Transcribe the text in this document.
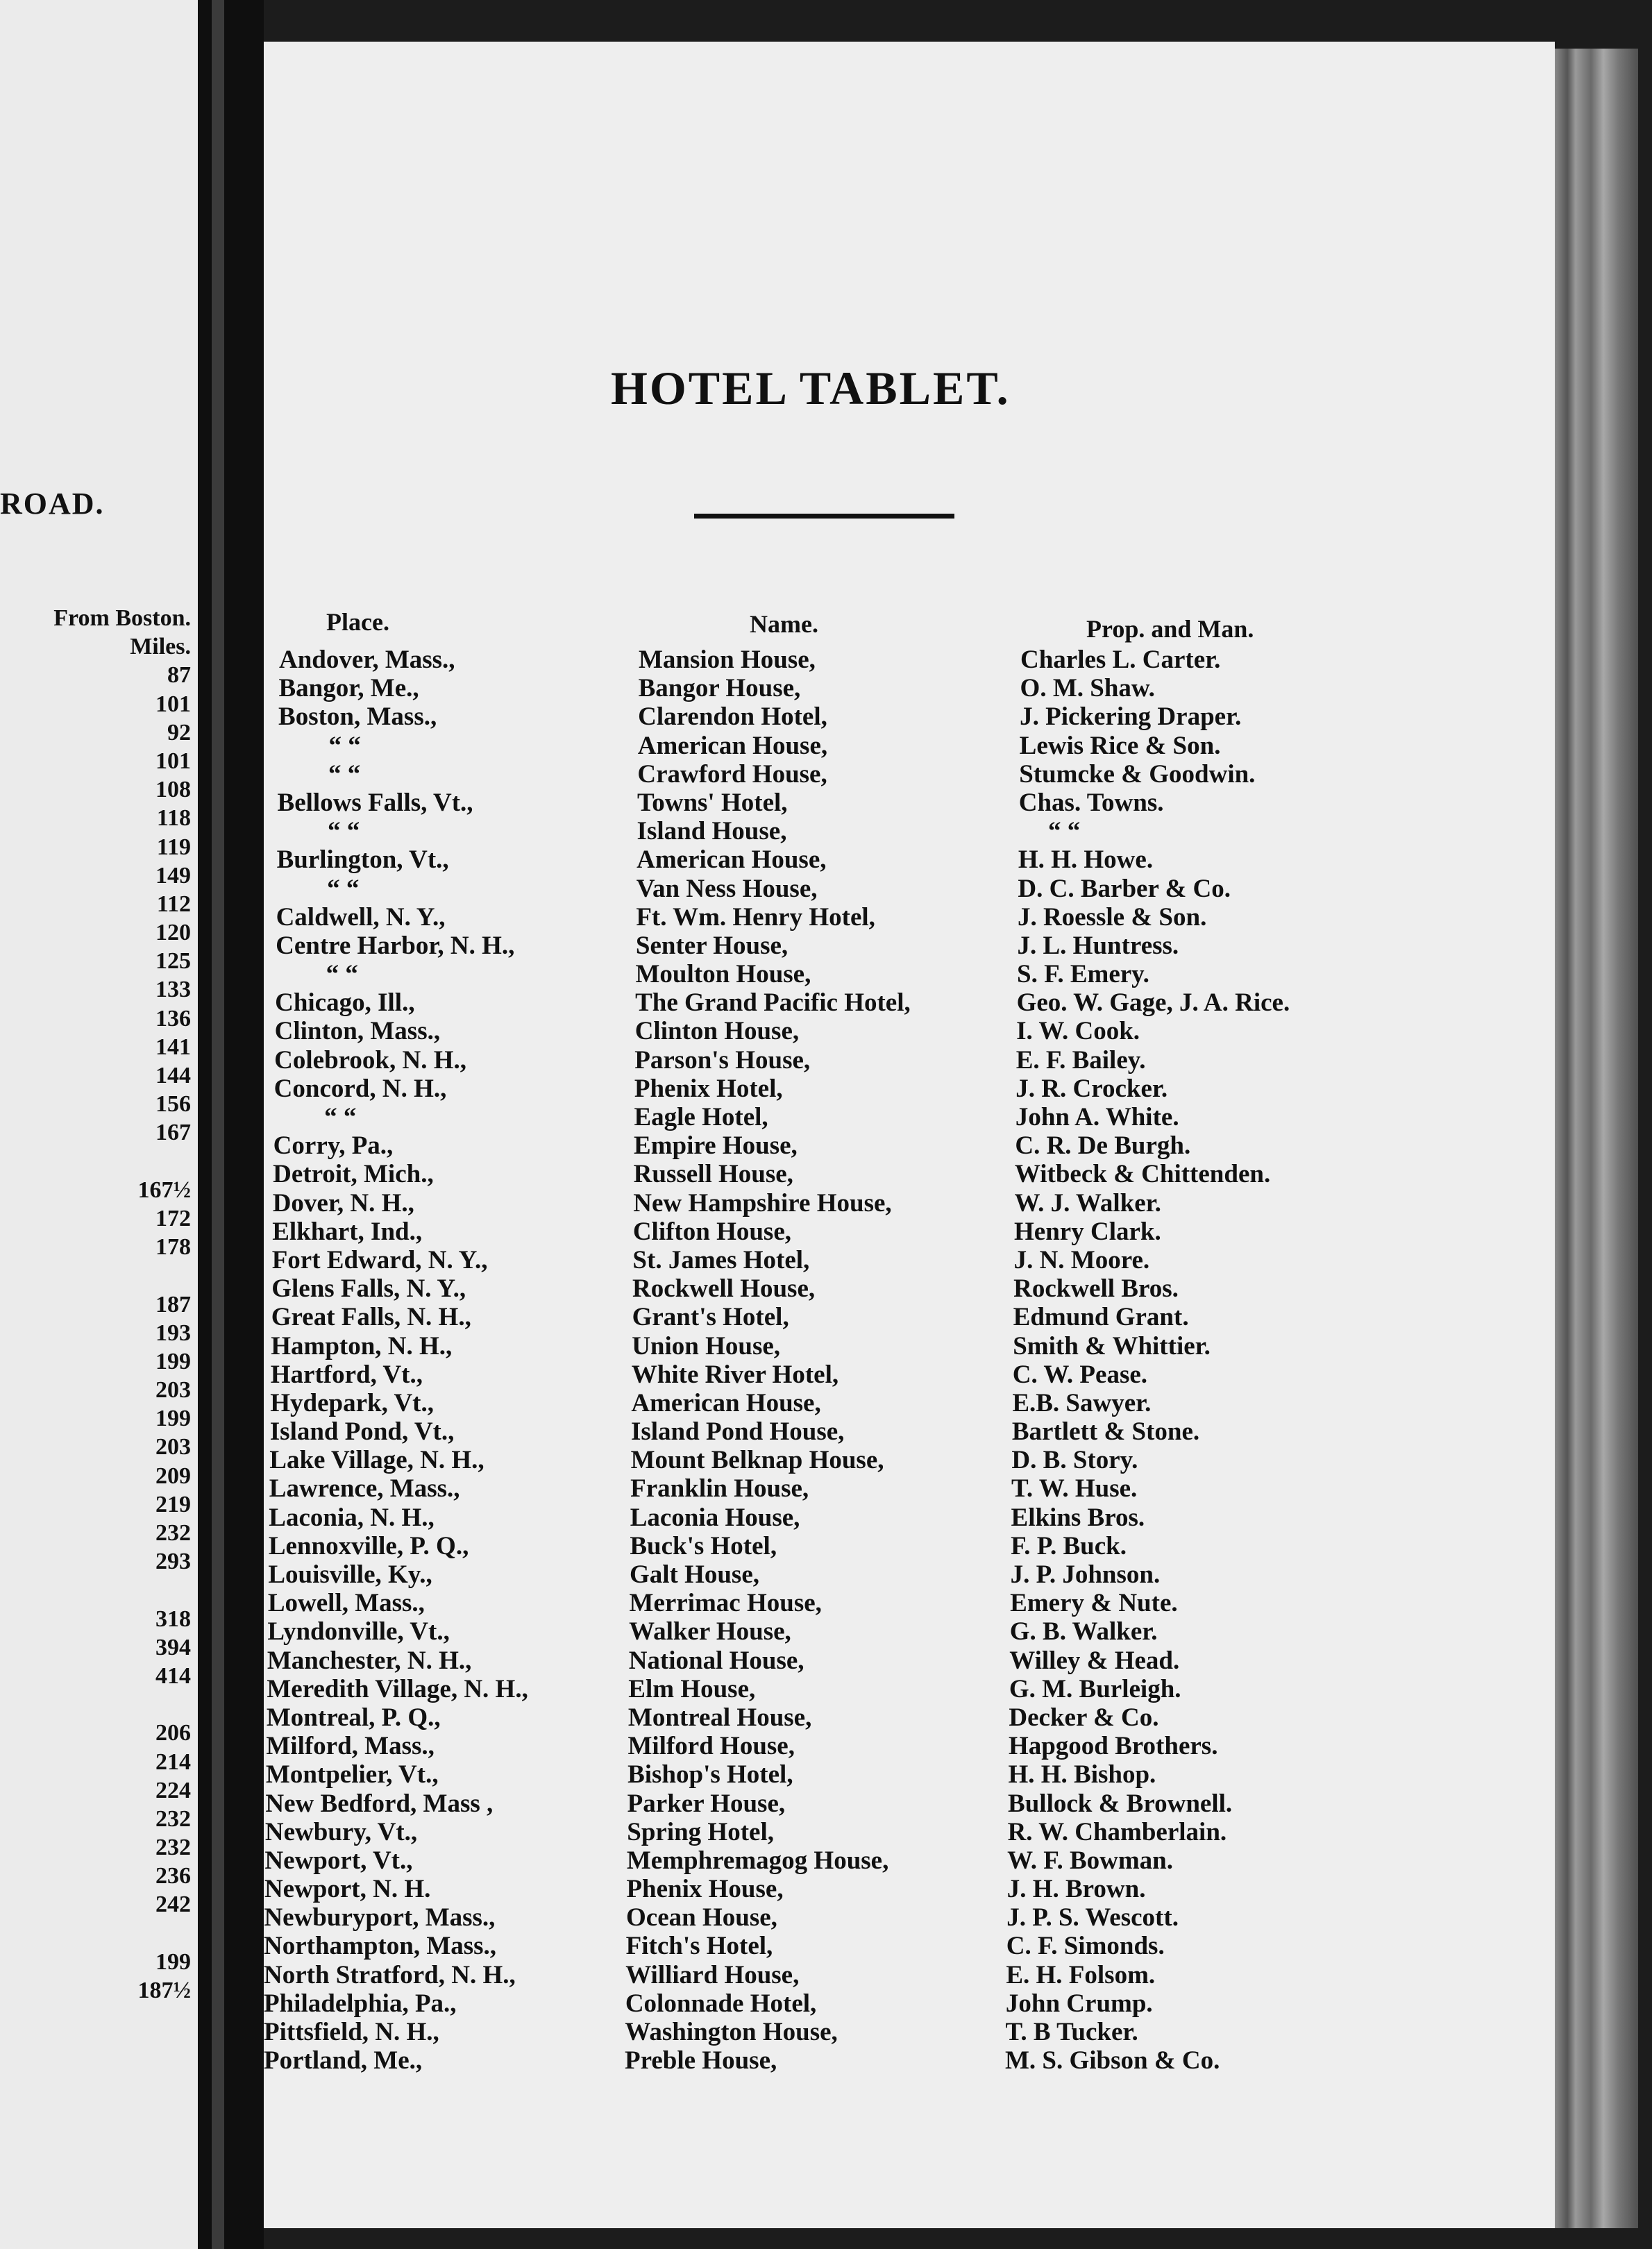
ROAD.
From Boston.
Miles.
87
101
92
101
108
118
119
149
112
120
125
133
136
141
144
156
167
167½
172
178
187
193
199
203
199
203
209
219
232
293
318
394
414
206
214
224
232
232
236
242
199
187½
HOTEL TABLET.
Place.	Name.	Prop. and Man.
Andover, Mass.,
Bangor, Me.,
Boston, Mass.,
“ “
“ “
Bellows Falls, Vt.,
“ “
Burlington, Vt.,
“ “
Caldwell, N. Y.,
Centre Harbor, N. H.,
“ “
Chicago, Ill.,
Clinton, Mass.,
Colebrook, N. H.,
Concord, N. H.,
“ “
Corry, Pa.,
Detroit, Mich.,
Dover, N. H.,
Elkhart, Ind.,
Fort Edward, N. Y.,
Glens Falls, N. Y.,
Great Falls, N. H.,
Hampton, N. H.,
Hartford, Vt.,
Hydepark, Vt.,
Island Pond, Vt.,
Lake Village, N. H.,
Lawrence, Mass.,
Laconia, N. H.,
Lennoxville, P. Q.,
Louisville, Ky.,
Lowell, Mass.,
Lyndonville, Vt.,
Manchester, N. H.,
Meredith Village, N. H.,
Montreal, P. Q.,
Milford, Mass.,
Montpelier, Vt.,
New Bedford, Mass ,
Newbury, Vt.,
Newport, Vt.,
Newport, N. H.
Newburyport, Mass.,
Northampton, Mass.,
North Stratford, N. H.,
Philadelphia, Pa.,
Pittsfield, N. H.,
Portland, Me.,
Mansion House,
Bangor House,
Clarendon Hotel,
American House,
Crawford House,
Towns' Hotel,
Island House,
American House,
Van Ness House,
Ft. Wm. Henry Hotel,
Senter House,
Moulton House,
The Grand Pacific Hotel,
Clinton House,
Parson's House,
Phenix Hotel,
Eagle Hotel,
Empire House,
Russell House,
New Hampshire House,
Clifton House,
St. James Hotel,
Rockwell House,
Grant's Hotel,
Union House,
White River Hotel,
American House,
Island Pond House,
Mount Belknap House,
Franklin House,
Laconia House,
Buck's Hotel,
Galt House,
Merrimac House,
Walker House,
National House,
Elm House,
Montreal House,
Milford House,
Bishop's Hotel,
Parker House,
Spring Hotel,
Memphremagog House,
Phenix House,
Ocean House,
Fitch's Hotel,
Williard House,
Colonnade Hotel,
Washington House,
Preble House,
Charles L. Carter.
O. M. Shaw.
J. Pickering Draper.
Lewis Rice & Son.
Stumcke & Goodwin.
Chas. Towns.
“ “
H. H. Howe.
D. C. Barber & Co.
J. Roessle & Son.
J. L. Huntress.
S. F. Emery.
Geo. W. Gage, J. A. Rice.
I. W. Cook.
E. F. Bailey.
J. R. Crocker.
John A. White.
C. R. De Burgh.
Witbeck & Chittenden.
W. J. Walker.
Henry Clark.
J. N. Moore.
Rockwell Bros.
Edmund Grant.
Smith & Whittier.
C. W. Pease.
E.B. Sawyer.
Bartlett & Stone.
D. B. Story.
T. W. Huse.
Elkins Bros.
F. P. Buck.
J. P. Johnson.
Emery & Nute.
G. B. Walker.
Willey & Head.
G. M. Burleigh.
Decker & Co.
Hapgood Brothers.
H. H. Bishop.
Bullock & Brownell.
R. W. Chamberlain.
W. F. Bowman.
J. H. Brown.
J. P. S. Wescott.
C. F. Simonds.
E. H. Folsom.
John Crump.
T. B Tucker.
M. S. Gibson & Co.
